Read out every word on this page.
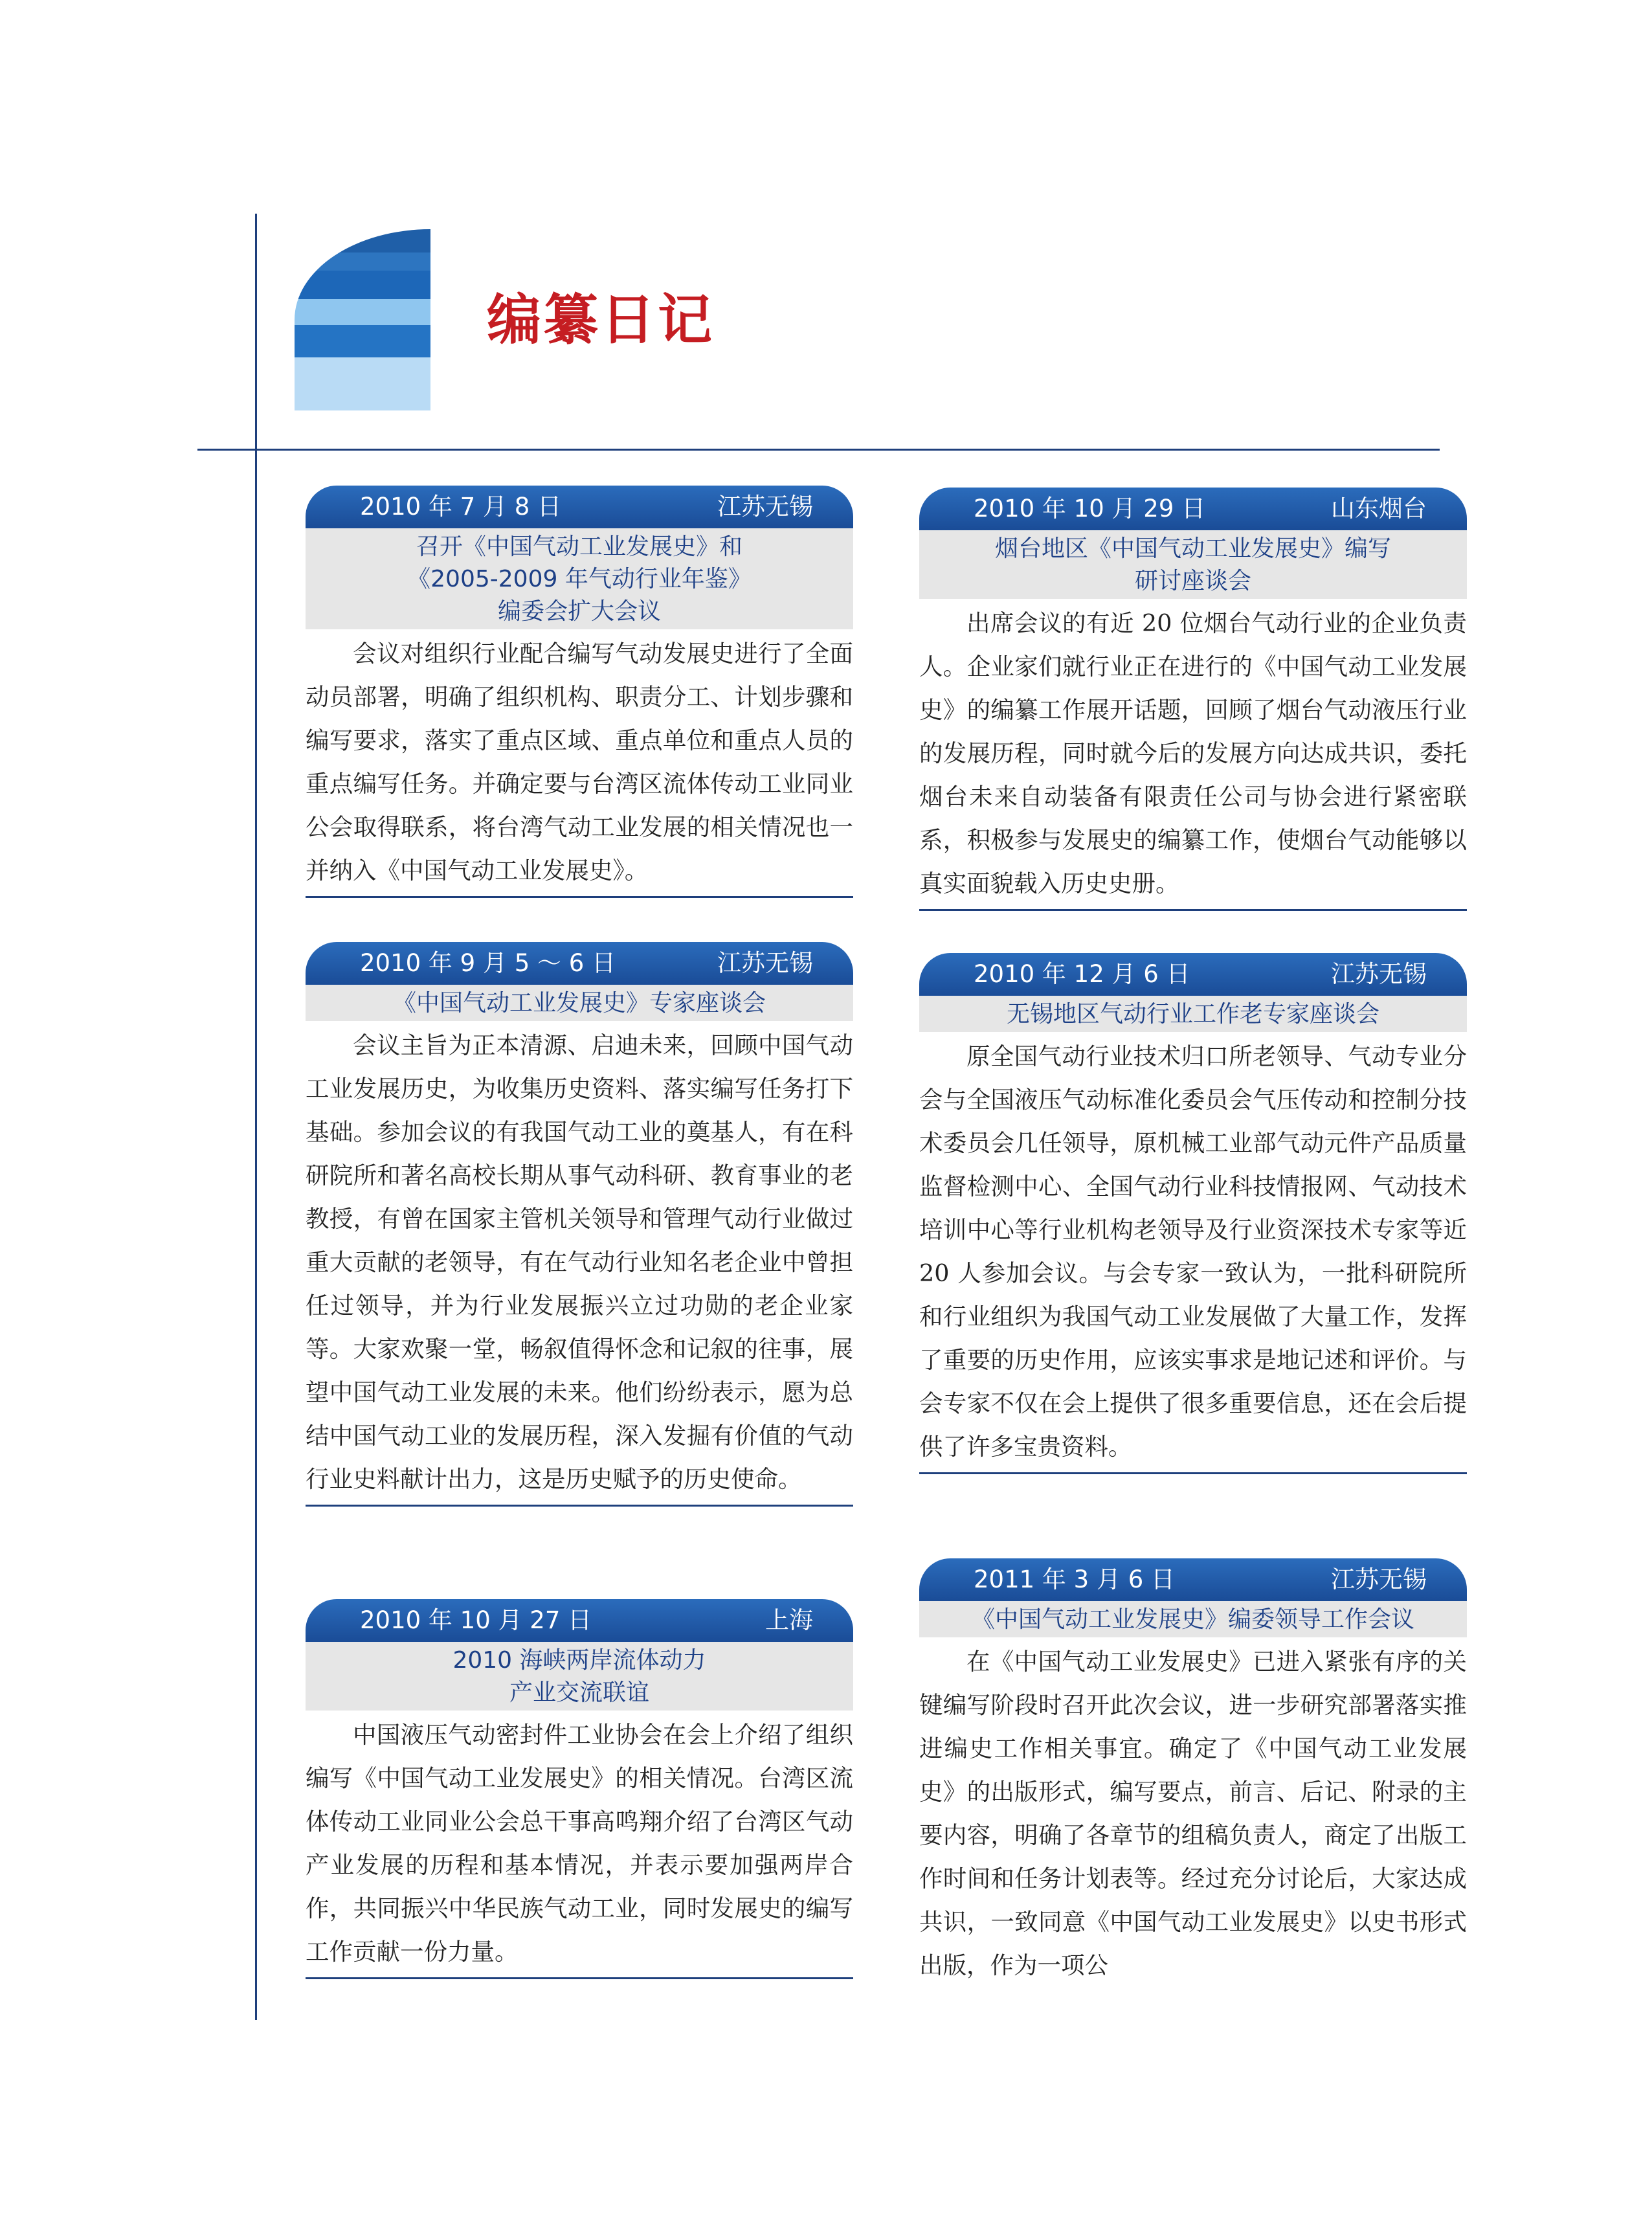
编纂日记
2010 年 7 月 8 日	江苏无锡
召开《中国气动工业发展史》和
《2005-2009 年气动行业年鉴》
编委会扩大会议
会议对组织行业配合编写气动发展史进行了全面动员部署，明确了组织机构、职责分工、计划步骤和编写要求，落实了重点区域、重点单位和重点人员的重点编写任务。并确定要与台湾区流体传动工业同业公会取得联系，将台湾气动工业发展的相关情况也一并纳入《中国气动工业发展史》。
2010 年 9 月 5 ～ 6 日	江苏无锡
《中国气动工业发展史》专家座谈会
会议主旨为正本清源、启迪未来，回顾中国气动工业发展历史，为收集历史资料、落实编写任务打下基础。参加会议的有我国气动工业的奠基人，有在科研院所和著名高校长期从事气动科研、教育事业的老教授，有曾在国家主管机关领导和管理气动行业做过重大贡献的老领导，有在气动行业知名老企业中曾担任过领导，并为行业发展振兴立过功勋的老企业家等。大家欢聚一堂，畅叙值得怀念和记叙的往事，展望中国气动工业发展的未来。他们纷纷表示，愿为总结中国气动工业的发展历程，深入发掘有价值的气动行业史料献计出力，这是历史赋予的历史使命。
2010 年 10 月 27 日	上海
2010 海峡两岸流体动力
产业交流联谊
中国液压气动密封件工业协会在会上介绍了组织编写《中国气动工业发展史》的相关情况。台湾区流体传动工业同业公会总干事高鸣翔介绍了台湾区气动产业发展的历程和基本情况，并表示要加强两岸合作，共同振兴中华民族气动工业，同时发展史的编写工作贡献一份力量。
2010 年 10 月 29 日	山东烟台
烟台地区《中国气动工业发展史》编写
研讨座谈会
出席会议的有近 20 位烟台气动行业的企业负责人。企业家们就行业正在进行的《中国气动工业发展史》的编纂工作展开话题，回顾了烟台气动液压行业的发展历程，同时就今后的发展方向达成共识，委托烟台未来自动装备有限责任公司与协会进行紧密联系，积极参与发展史的编纂工作，使烟台气动能够以真实面貌载入历史史册。
2010 年 12 月 6 日	江苏无锡
无锡地区气动行业工作老专家座谈会
原全国气动行业技术归口所老领导、气动专业分会与全国液压气动标准化委员会气压传动和控制分技术委员会几任领导，原机械工业部气动元件产品质量监督检测中心、全国气动行业科技情报网、气动技术培训中心等行业机构老领导及行业资深技术专家等近 20 人参加会议。与会专家一致认为，一批科研院所和行业组织为我国气动工业发展做了大量工作，发挥了重要的历史作用，应该实事求是地记述和评价。与会专家不仅在会上提供了很多重要信息，还在会后提供了许多宝贵资料。
2011 年 3 月 6 日	江苏无锡
《中国气动工业发展史》编委领导工作会议
在《中国气动工业发展史》已进入紧张有序的关键编写阶段时召开此次会议，进一步研究部署落实推进编史工作相关事宜。确定了《中国气动工业发展史》的出版形式，编写要点，前言、后记、附录的主要内容，明确了各章节的组稿负责人，商定了出版工作时间和任务计划表等。经过充分讨论后，大家达成共识，一致同意《中国气动工业发展史》以史书形式出版，作为一项公
